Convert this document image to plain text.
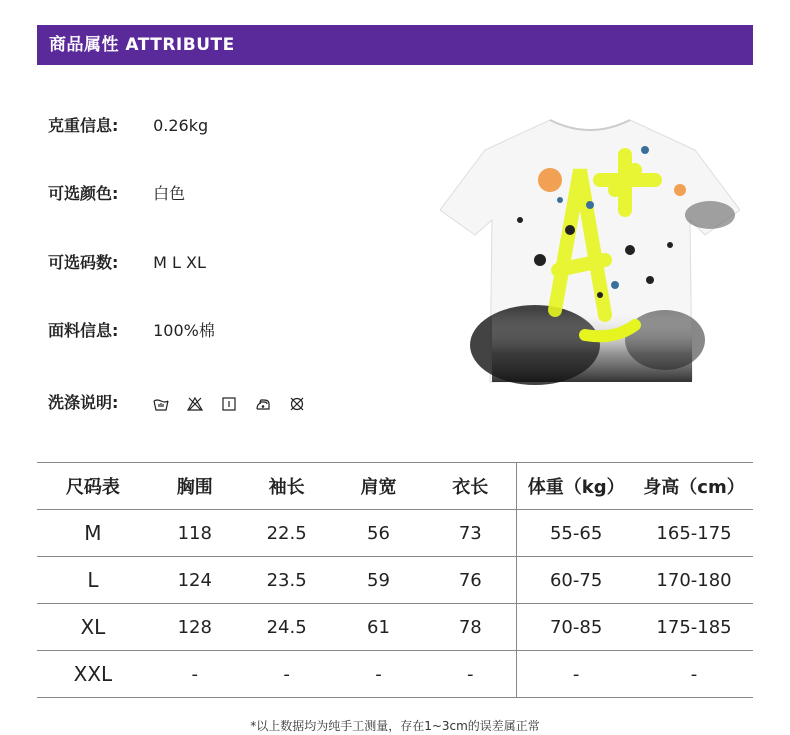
商品属性 ATTRIBUTE
克重信息: 0.26kg
可选颜色: 白色
可选码数: M L XL
面料信息: 100%棉
洗涤说明:
尺码表	胸围	袖长	肩宽	衣长	体重（kg）	身高（cm）
M	118	22.5	56	73	55-65	165-175
L	124	23.5	59	76	60-75	170-180
XL	128	24.5	61	78	70-85	175-185
XXL	-	-	-	-	-	-
*以上数据均为纯手工测量，存在1~3cm的误差属正常
